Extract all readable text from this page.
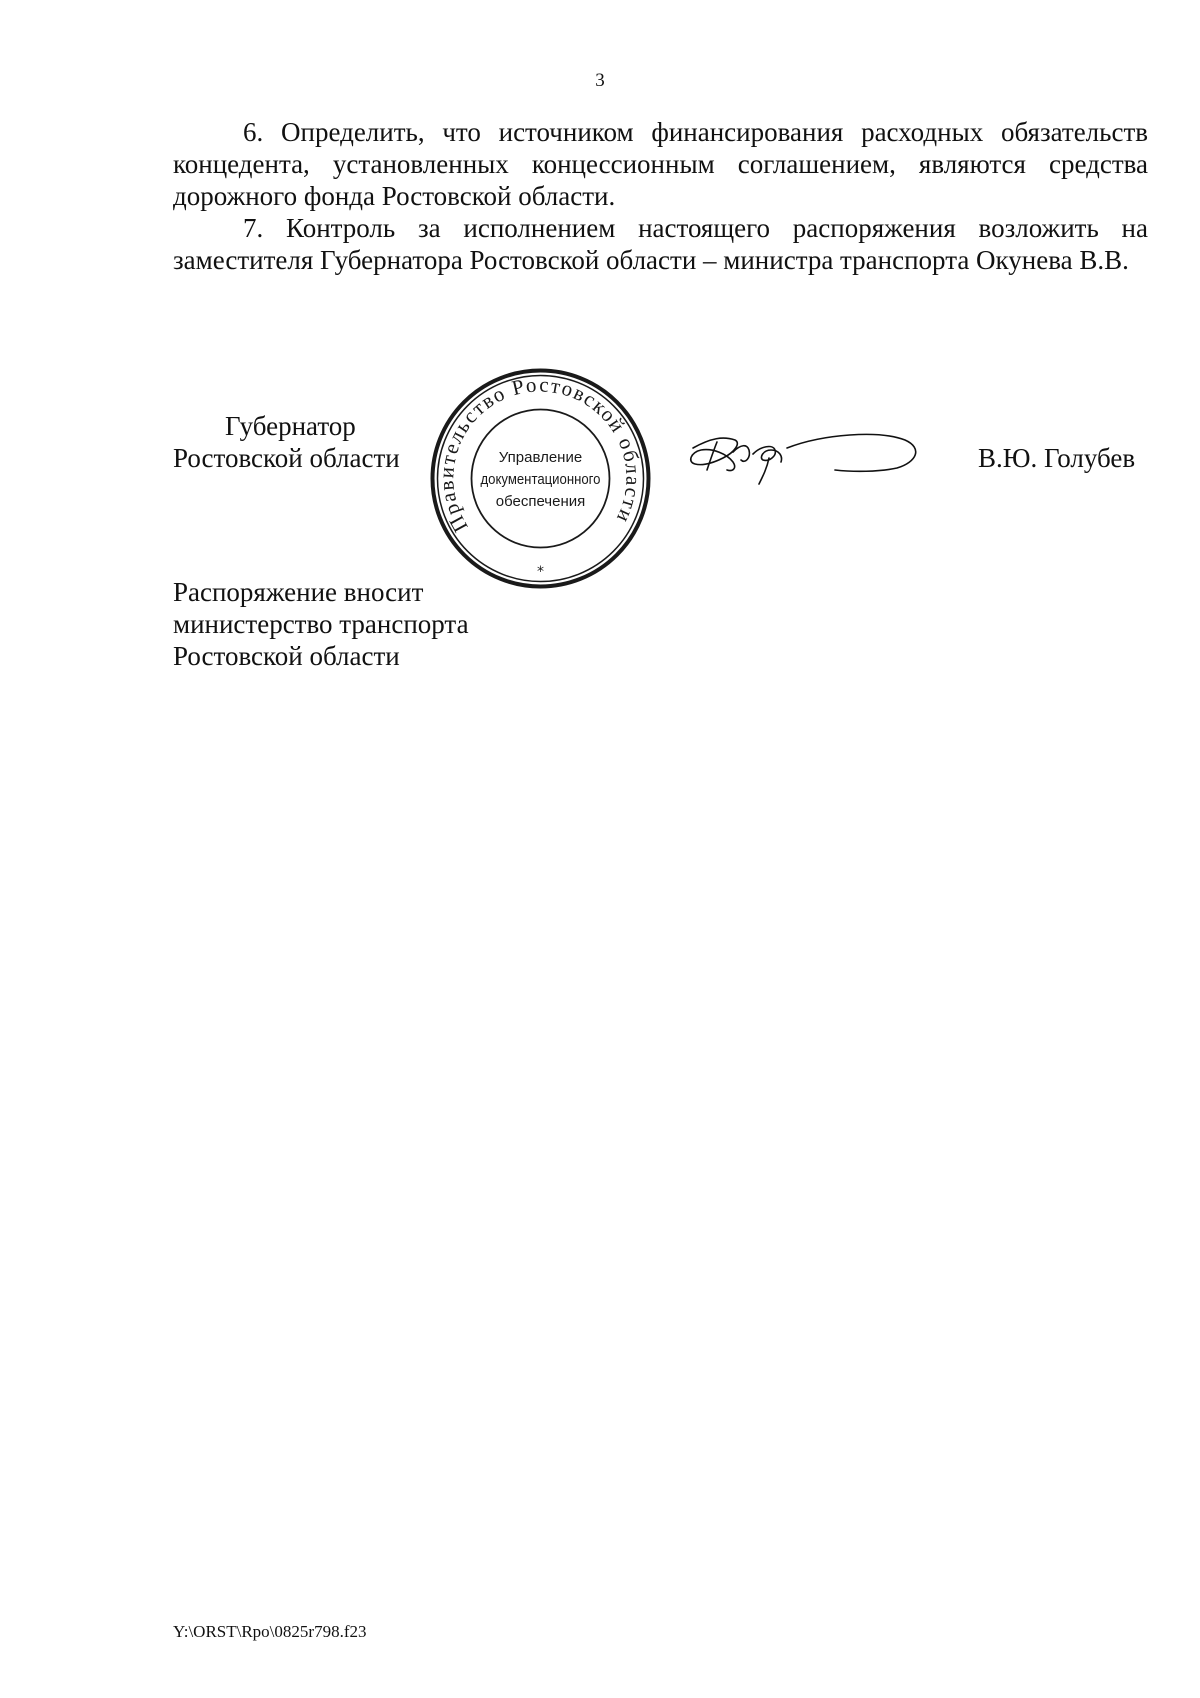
3

6. Определить, что источником финансирования расходных обязательств концедента, установленных концессионным соглашением, являются средства дорожного фонда Ростовской области.

7. Контроль за исполнением настоящего распоряжения возложить на заместителя Губернатора Ростовской области – министра транспорта Окунева В.В.

Губернатор
Ростовской области
Правительство Ростовской области
Управление
документационного
обеспечения
*
В.Ю. Голубев
Распоряжение вносит
министерство транспорта
Ростовской области
Y:\ORST\Rpo\0825r798.f23
